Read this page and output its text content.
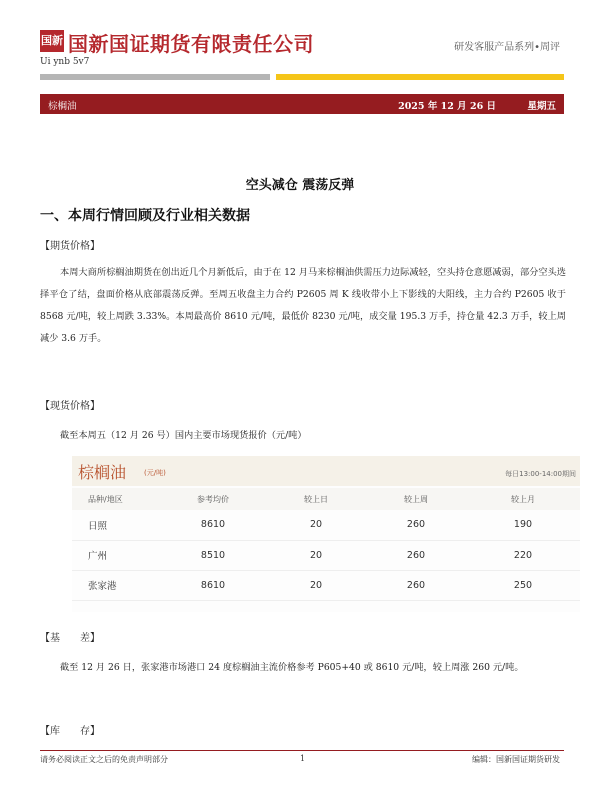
国新 国新国证期货有限责任公司
Ui ynb 5v7
研发客服产品系列•周评
棕榈油	2025 年 12 月 26 日	星期五
空头减仓 震荡反弹
一、本周行情回顾及行业相关数据
【期货价格】
本周大商所棕榈油期货在创出近几个月新低后，由于在 12 月马来棕榈油供需压力边际减轻，空头持仓意愿减弱，部分空头选择平仓了结，盘面价格从底部震荡反弹。至周五收盘主力合约 P2605 周 K 线收带小上下影线的大阳线，主力合约 P2605 收于 8568 元/吨，较上周跌 3.33%。本周最高价 8610 元/吨，最低价 8230 元/吨，成交量 195.3 万手，持仓量 42.3 万手，较上周减少 3.6 万手。
【现货价格】
截至本周五（12 月 26 号）国内主要市场现货报价（元/吨）
棕榈油	(元/吨)	每日13:00-14:00期间
品种/地区	参考均价	较上日	较上周	较上月
日照	8610	20	260	190
广州	8510	20	260	220
张家港	8610	20	260	250
【基　　差】
截至 12 月 26 日，张家港市场港口 24 度棕榈油主流价格参考 P605+40 或 8610 元/吨，较上周涨 260 元/吨。
【库　　存】
请务必阅读正文之后的免责声明部分	1	编辑：国新国证期货研发
